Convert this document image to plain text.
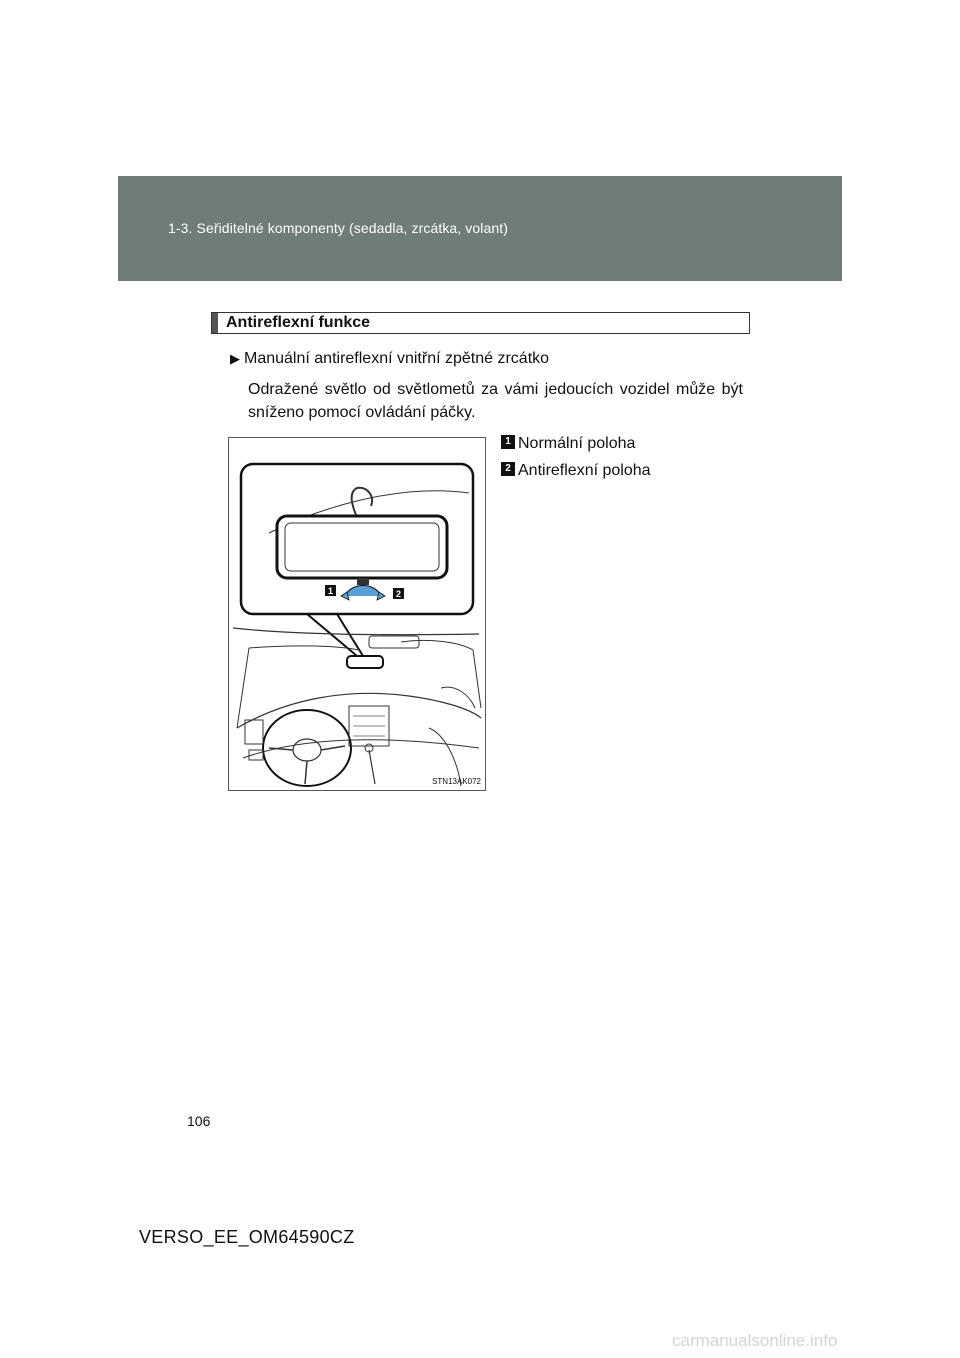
1-3. Seřiditelné komponenty (sedadla, zrcátka, volant)
Antireflexní funkce
▶ Manuální antireflexní vnitřní zpětné zrcátko
Odražené světlo od světlometů za vámi jedoucích vozidel může být sníženo pomocí ovládání páčky.
1 Normální poloha
2 Antireflexní poloha
1	2
STN13AK072
106
VERSO_EE_OM64590CZ
carmanualsonline.info
